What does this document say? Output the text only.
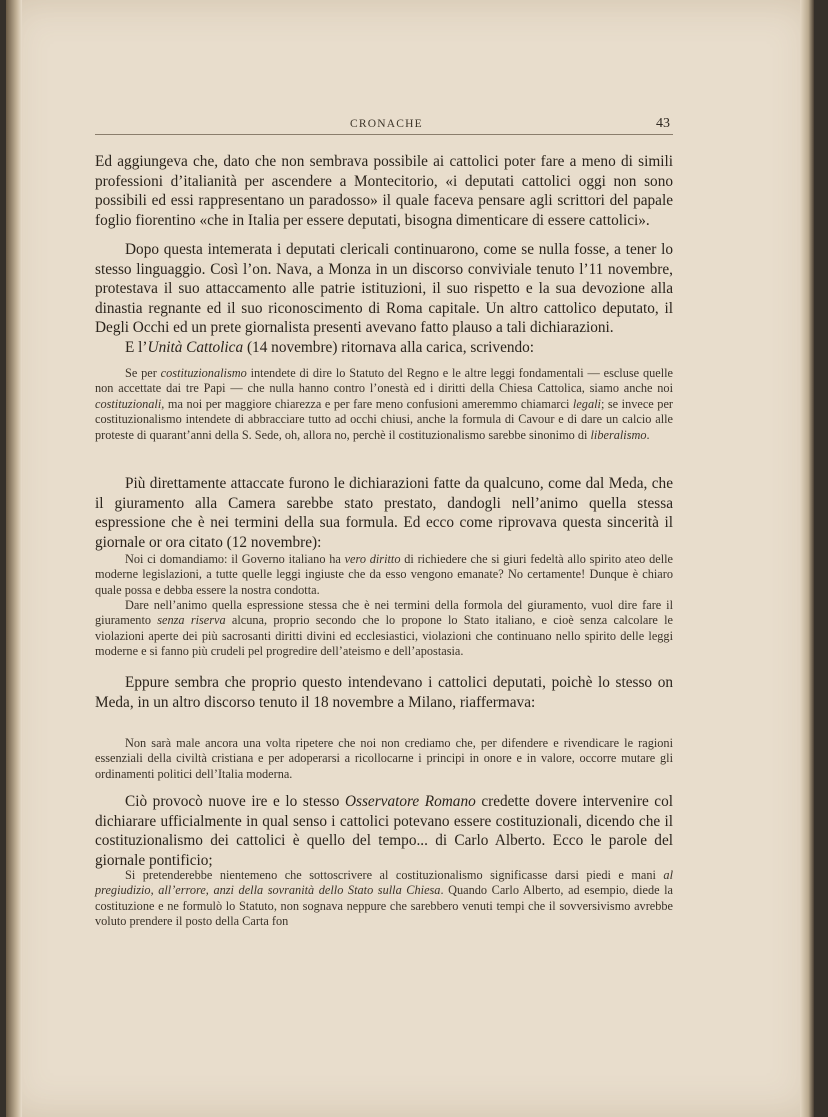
CRONACHE	43

Ed aggiungeva che, dato che non sembrava possibile ai cattolici poter fare a meno di simili professioni d’italianità per ascendere a Montecitorio, «i deputati cattolici oggi non sono possibili ed essi rappresentano un paradosso» il quale faceva pensare agli scrittori del papale foglio fiorentino «che in Italia per essere deputati, bisogna dimenticare di essere cattolici».

Dopo questa intemerata i deputati clericali continuarono, come se nulla fosse, a tener lo stesso linguaggio. Così l’on. Nava, a Monza in un discorso conviviale tenuto l’11 novembre, protestava il suo attaccamento alle patrie istituzioni, il suo rispetto e la sua devozione alla dinastia regnante ed il suo riconoscimento di Roma capitale. Un altro cattolico deputato, il Degli Occhi ed un prete giornalista presenti avevano fatto plauso a tali dichiarazioni.

E l’Unità Cattolica (14 novembre) ritornava alla carica, scrivendo:

Se per costituzionalismo intendete di dire lo Statuto del Regno e le altre leggi fondamentali — escluse quelle non accettate dai tre Papi — che nulla hanno contro l’onestà ed i diritti della Chiesa Cattolica, siamo anche noi costituzionali, ma noi per maggiore chiarezza e per fare meno confusioni ameremmo chiamarci legali; se invece per costituzionalismo intendete di abbracciare tutto ad occhi chiusi, anche la formula di Cavour e di dare un calcio alle proteste di quarant’anni della S. Sede, oh, allora no, perchè il costituzionalismo sarebbe sinonimo di liberalismo.

Più direttamente attaccate furono le dichiarazioni fatte da qualcuno, come dal Meda, che il giuramento alla Camera sarebbe stato prestato, dandogli nell’animo quella stessa espressione che è nei termini della sua formula. Ed ecco come riprovava questa sincerità il giornale or ora citato (12 novembre):

Noi ci domandiamo: il Governo italiano ha vero diritto di richiedere che si giuri fedeltà allo spirito ateo delle moderne legislazioni, a tutte quelle leggi ingiuste che da esso vengono emanate? No certamente! Dunque è chiaro quale possa e debba essere la nostra condotta.

Dare nell’animo quella espressione stessa che è nei termini della formola del giuramento, vuol dire fare il giuramento senza riserva alcuna, proprio secondo che lo propone lo Stato italiano, e cioè senza calcolare le violazioni aperte dei più sacrosanti diritti divini ed ecclesiastici, violazioni che continuano nello spirito delle leggi moderne e si fanno più crudeli pel progredire dell’ateismo e dell’apostasia.

Eppure sembra che proprio questo intendevano i cattolici deputati, poichè lo stesso on Meda, in un altro discorso tenuto il 18 novembre a Milano, riaffermava:

Non sarà male ancora una volta ripetere che noi non crediamo che, per difendere e rivendicare le ragioni essenziali della civiltà cristiana e per adoperarsi a ricollocarne i principi in onore e in valore, occorre mutare gli ordinamenti politici dell’Italia moderna.

Ciò provocò nuove ire e lo stesso Osservatore Romano credette dovere intervenire col dichiarare ufficialmente in qual senso i cattolici potevano essere costituzionali, dicendo che il costituzionalismo dei cattolici è quello del tempo... di Carlo Alberto. Ecco le parole del giornale pontificio;

Si pretenderebbe nientemeno che sottoscrivere al costituzionalismo significasse darsi piedi e mani al pregiudizio, all’errore, anzi della sovranità dello Stato sulla Chiesa. Quando Carlo Alberto, ad esempio, diede la costituzione e ne formulò lo Statuto, non sognava neppure che sarebbero venuti tempi che il sovversivismo avrebbe voluto prendere il posto della Carta fon
